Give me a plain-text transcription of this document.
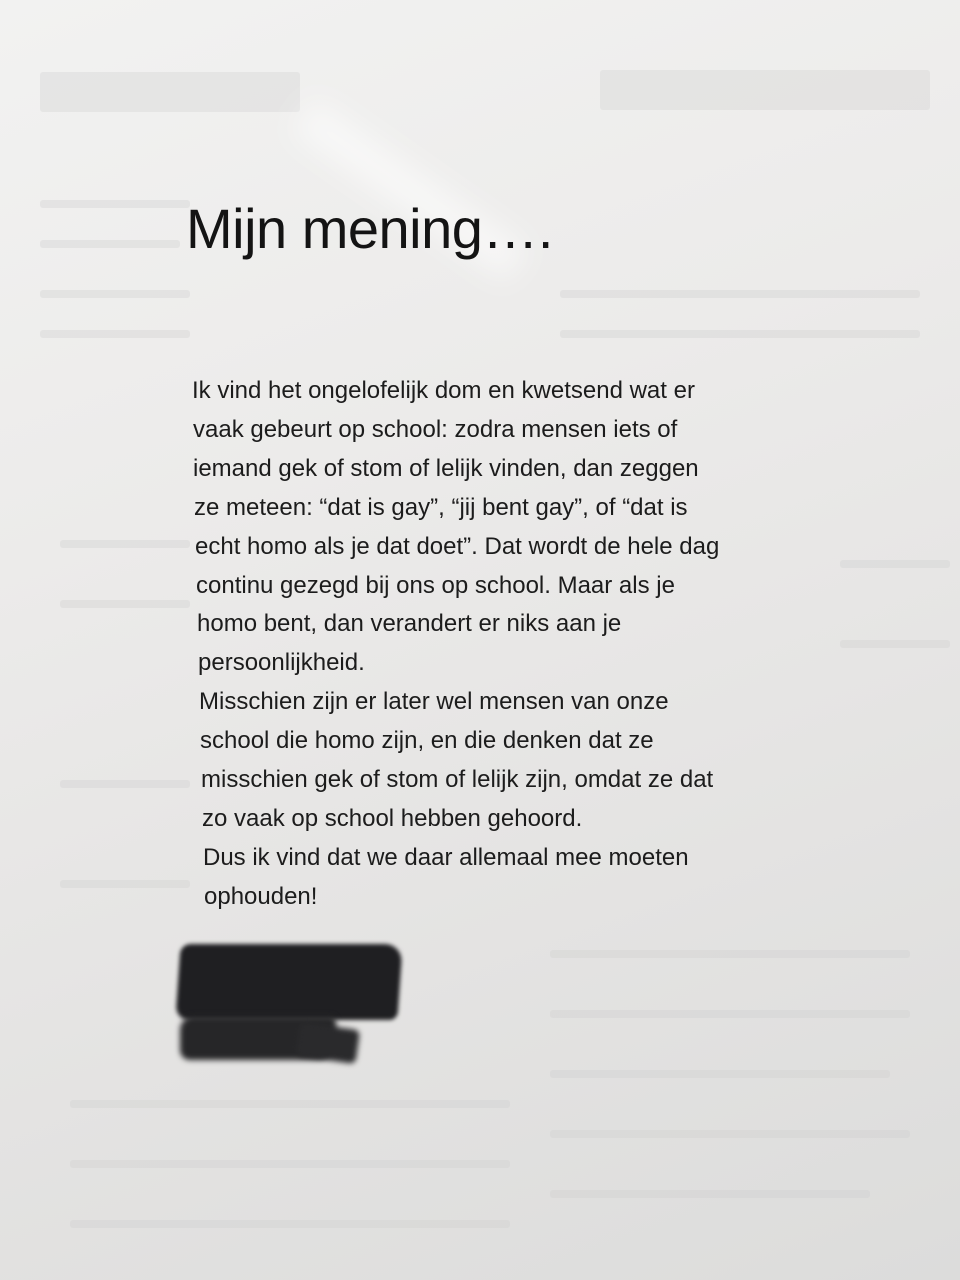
Mijn mening….

Ik vind het ongelofelijk dom en kwetsend wat er

vaak gebeurt op school: zodra mensen iets of

iemand gek of stom of lelijk vinden, dan zeggen

ze meteen: “dat is gay”, “jij bent gay”, of “dat is

echt homo als je dat doet”. Dat wordt de hele dag

continu gezegd bij ons op school. Maar als je

homo bent, dan verandert er niks aan je

persoonlijkheid.

Misschien zijn er later wel mensen van onze

school die homo zijn, en die denken dat ze

misschien gek of stom of lelijk zijn, omdat ze dat

zo vaak op school hebben gehoord.

Dus ik vind dat we daar allemaal mee moeten

ophouden!
